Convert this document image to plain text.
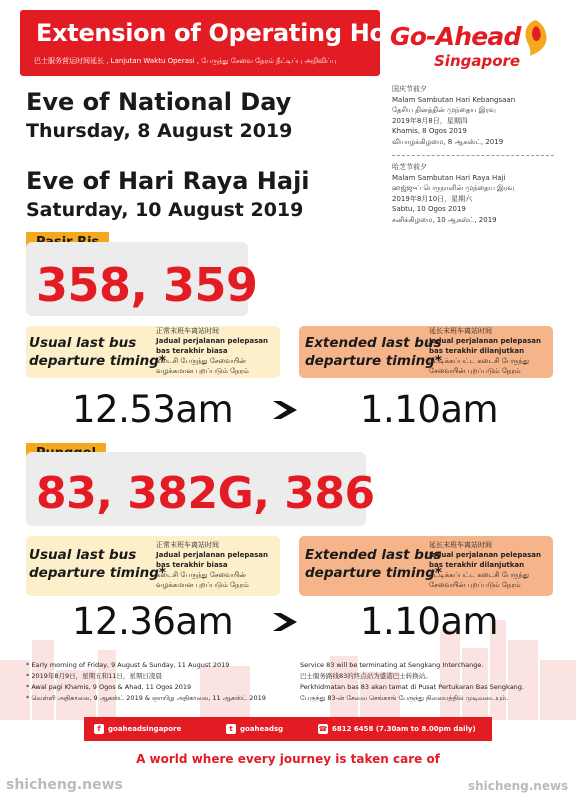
Extension of Operating Hours
巴士服务营运时间延长 , Lanjutan Waktu Operasi , பேருந்து சேவை நேரம் நீட்டிப்பு அறிவிப்பு
Go-Ahead
Singapore
Eve of National Day
Thursday, 8 August 2019
国庆节前夕
Malam Sambutan Hari Kebangsaan
தேசிய தினத்தின் முந்தைய இரவு
2019年8月8日，星期四
Khamis, 8 Ogos 2019
வியாழக்கிழமை, 8 ஆகஸ்ட், 2019
Eve of Hari Raya Haji
Saturday, 10 August 2019
哈芝节前夕
Malam Sambutan Hari Raya Haji
ஹஜ்ஜுப் பெருநாளின் முந்தைய இரவு
2019年8月10日，星期六
Sabtu, 10 Ogos 2019
சனிக்கிழமை, 10 ஆகஸ்ட், 2019
358, 359
Usual last bus
departure timing*
正常末班车离站时间
Jadual perjalanan pelepasan
bas terakhir biasa
கடைசி பேருந்து சேவையின்
வழக்கமான புறப்படும் நேரம்
Extended last bus
departure timing*
延长末班车离站时间
Jadual perjalanan pelepasan
bas terakhir dilanjutkan
நீட்டிக்கப்பட்ட கடைசி பேருந்து
சேவையின் புறப்படும் நேரம்
12.53am	1.10am
83, 382G, 386
Usual last bus
departure timing*
正常末班车离站时间
Jadual perjalanan pelepasan
bas terakhir biasa
கடைசி பேருந்து சேவையின்
வழக்கமான புறப்படும் நேரம்
Extended last bus
departure timing*
延长末班车离站时间
Jadual perjalanan pelepasan
bas terakhir dilanjutkan
நீட்டிக்கப்பட்ட கடைசி பேருந்து
சேவையின் புறப்படும் நேரம்
12.36am	1.10am
* Early morning of Friday, 9 August & Sunday, 11 August 2019
* 2019年8月9日，星期五和11日，星期日凌晨
* Awal pagi Khamis, 9 Ogos & Ahad, 11 Ogos 2019
* வெள்ளி அதிகாலை, 9 ஆகஸ்ட் 2019 & ஞாயிறு அதிகாலை, 11 ஆகஸ்ட் 2019
Service 83 will be terminating at Sengkang Interchange.
巴士服务路线83的终点站为盛港巴士转换站。
Perkhidmatan bas 83 akan tamat di Pusat Pertukaran Bas Sengkang.
பேருந்து 83-ன் சேவை செங்காங் பேருந்து நிலையத்தில் முடிவடையும்.
f goaheadsingapore	t goaheadsg	☎ 6812 6458 (7.30am to 8.00pm daily)
A world where every journey is taken care of
shicheng.news	shicheng.news
